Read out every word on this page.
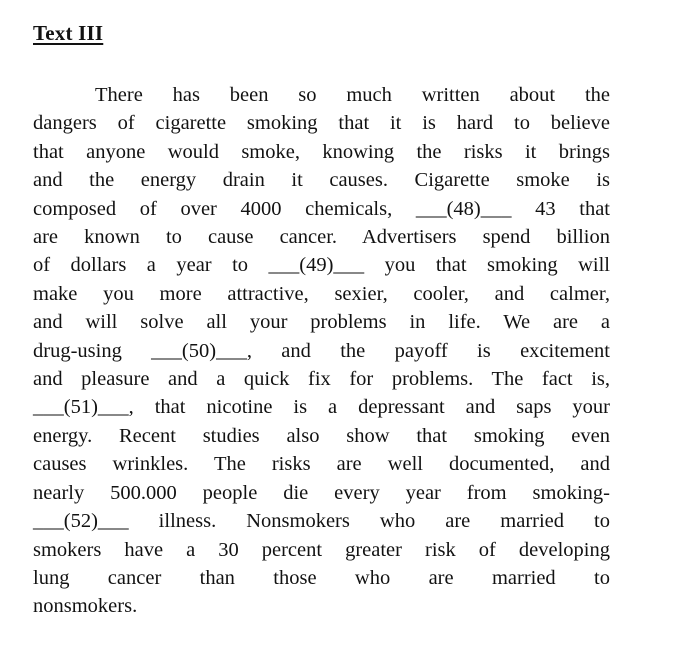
Text III
There has been so much written about the
dangers of cigarette smoking that it is hard to believe
that anyone would smoke, knowing the risks it brings
and the energy drain it causes. Cigarette smoke is
composed of over 4000 chemicals, ___(48)___ 43 that
are known to cause cancer. Advertisers spend billion
of dollars a year to ___(49)___ you that smoking will
make you more attractive, sexier, cooler, and calmer,
and will solve all your problems in life. We are a
drug-using ___(50)___, and the payoff is excitement
and pleasure and a quick fix for problems. The fact is,
___(51)___, that nicotine is a depressant and saps your
energy. Recent studies also show that smoking even
causes wrinkles. The risks are well documented, and
nearly 500.000 people die every year from smoking-
___(52)___ illness. Nonsmokers who are married to
smokers have a 30 percent greater risk of developing
lung cancer than those who are married to
nonsmokers.
